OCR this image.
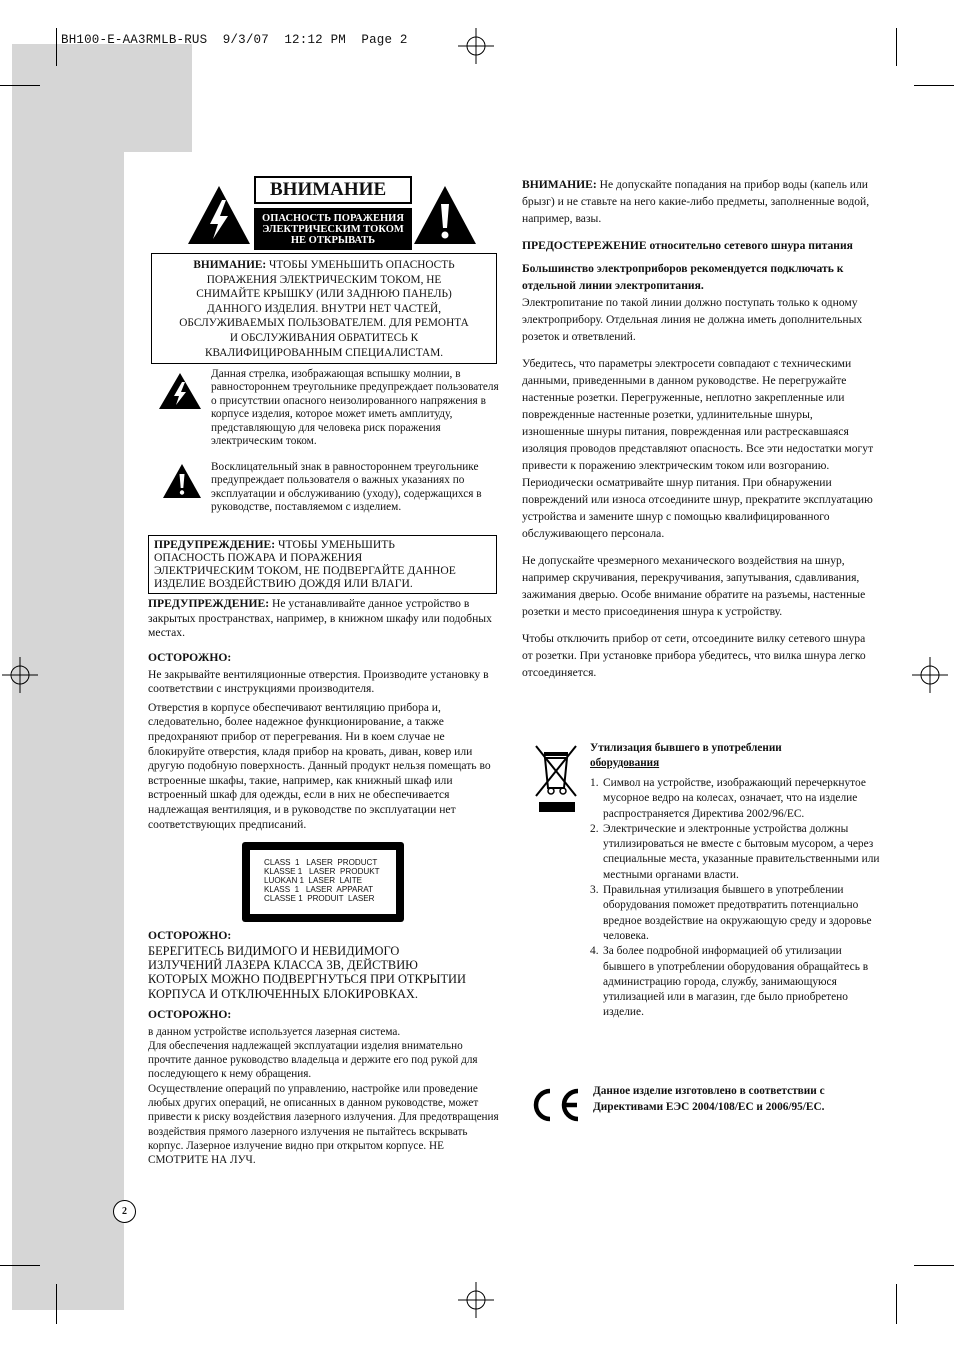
BH100-E-AA3RMLB-RUS 9/3/07 12:12 PM Page 2
ВНИМАНИЕ
ОПАСНОСТЬ ПОРАЖЕНИЯ
ЭЛЕКТРИЧЕСКИМ ТОКОМ
НЕ ОТКРЫВАТЬ
ВНИМАНИЕ: ЧТОБЫ УМЕНЬШИТЬ ОПАСНОСТЬ
ПОРАЖЕНИЯ ЭЛЕКТРИЧЕСКИМ ТОКОМ, НЕ
СНИМАЙТЕ КРЫШКУ (ИЛИ ЗАДНЮЮ ПАНЕЛЬ)
ДАННОГО ИЗДЕЛИЯ. ВНУТРИ НЕТ ЧАСТЕЙ,
ОБСЛУЖИВАЕМЫХ ПОЛЬЗОВАТЕЛЕМ. ДЛЯ РЕМОНТА
И ОБСЛУЖИВАНИЯ ОБРАТИТЕСЬ К
КВАЛИФИЦИРОВАННЫМ СПЕЦИАЛИСТАМ.
Данная стрелка, изображающая вспышку молнии, в равностороннем треугольнике предупреждает пользователя о присутствии опасного неизолированного напряжения в корпусе изделия, которое может иметь амплитуду, представляющую для человека риск поражения электрическим током.
Восклицательный знак в равностороннем треугольнике предупреждает пользователя о важных указаниях по эксплуатации и обслуживанию (уходу), содержащихся в руководстве, поставляемом с изделием.
ПРЕДУПРЕЖДЕНИЕ: ЧТОБЫ УМЕНЬШИТЬ
ОПАСНОСТЬ ПОЖАРА И ПОРАЖЕНИЯ
ЭЛЕКТРИЧЕСКИМ ТОКОМ, НЕ ПОДВЕРГАЙТЕ ДАННОЕ
ИЗДЕЛИЕ ВОЗДЕЙСТВИЮ ДОЖДЯ ИЛИ ВЛАГИ.
ПРЕДУПРЕЖДЕНИЕ: Не устанавливайте данное устройство в закрытых пространствах, например, в книжном шкафу или подобных местах.
ОСТОРОЖНО:
Не закрывайте вентиляционные отверстия. Производите установку в соответствии с инструкциями производителя.
Отверстия в корпусе обеспечивают вентиляцию прибора и, следовательно, более надежное функционирование, а также предохраняют прибор от перегревания. Ни в коем случае не блокируйте отверстия, кладя прибор на кровать, диван, ковер или другую подобную поверхность. Данный продукт нельзя помещать во встроенные шкафы, такие, например, как книжный шкаф или встроенный шкаф для одежды, если в них не обеспечивается надлежащая вентиляция, и в руководстве по эксплуатации нет соответствующих предписаний.
CLASS  1   LASER  PRODUCT
KLASSE 1   LASER  PRODUKT
LUOKAN 1  LASER  LAITE
KLASS  1   LASER  APPARAT
CLASSE 1  PRODUIT  LASER
ОСТОРОЖНО:
БЕРЕГИТЕСЬ ВИДИМОГО И НЕВИДИМОГО
ИЗЛУЧЕНИЙ ЛАЗЕРА КЛАССА 3B, ДЕЙСТВИЮ
КОТОРЫХ МОЖНО ПОДВЕРГНУТЬСЯ ПРИ ОТКРЫТИИ
КОРПУСА И ОТКЛЮЧЕННЫХ БЛОКИРОВКАХ.
ОСТОРОЖНО:
в данном устройстве используется лазерная система.
Для обеспечения надлежащей эксплуатации изделия внимательно прочтите данное руководство владельца и держите его под рукой для последующего к нему обращения.
Осуществление операций по управлению, настройке или проведение любых других операций, не описанных в данном руководстве, может привести к риску воздействия лазерного излучения. Для предотвращения воздействия прямого лазерного излучения не пытайтесь вскрывать корпус. Лазерное излучение видно при открытом корпусе. НЕ СМОТРИТЕ НА ЛУЧ.

ВНИМАНИЕ: Не допускайте попадания на прибор воды (капель или брызг) и не ставьте на него какие-либо предметы, заполненные водой, например, вазы.

ПРЕДОСТЕРЕЖЕНИЕ относительно сетевого шнура питания

Большинство электроприборов рекомендуется подключать к отдельной линии электропитания.

Электропитание по такой линии должно поступать только к одному электроприбору. Отдельная линия не должна иметь дополнительных розеток и ответвлений.

Убедитесь, что параметры электросети совпадают с техническими данными, приведенными в данном руководстве. Не перегружайте настенные розетки. Перегруженные, неплотно закрепленные или поврежденные настенные розетки, удлинительные шнуры, изношенные шнуры питания, поврежденная или растрескавшаяся изоляция проводов представляют опасность. Все эти недостатки могут привести к поражению электрическим током или возгоранию. Периодически осматривайте шнур питания. При обнаружении повреждений или износа отсоедините шнур, прекратите эксплуатацию устройства и замените шнур с помощью квалифицированного обслуживающего персонала.

Не допускайте чрезмерного механического воздействия на шнур, например скручивания, перекручивания, запутывания, сдавливания, зажимания дверью. Особе внимание обратите на разъемы, настенные розетки и место присоединения шнура к устройству.

Чтобы отключить прибор от сети, отсоедините вилку сетевого шнура от розетки. При установке прибора убедитесь, что вилка шнура легко отсоединяется.

Утилизация бывшего в употреблении
оборудования
1. Символ на устройстве, изображающий перечеркнутое мусорное ведро на колесах, означает, что на изделие распространяется Директива 2002/96/ЕС.
2. Электрические и электронные устройства должны утилизироваться не вместе с бытовым мусором, а через специальные места, указанные правительственными или местными органами власти.
3. Правильная утилизация бывшего в употреблении оборудования поможет предотвратить потенциально вредное воздействие на окружающую среду и здоровье человека.
4. За более подробной информацией об утилизации бывшего в употреблении оборудования обращайтесь в администрацию города, службу, занимающуюся утилизацией или в магазин, где было приобретено изделие.
Данное изделие изготовлено в соответствии с Директивами ЕЭС 2004/108/ЕС и 2006/95/ЕС.
2
